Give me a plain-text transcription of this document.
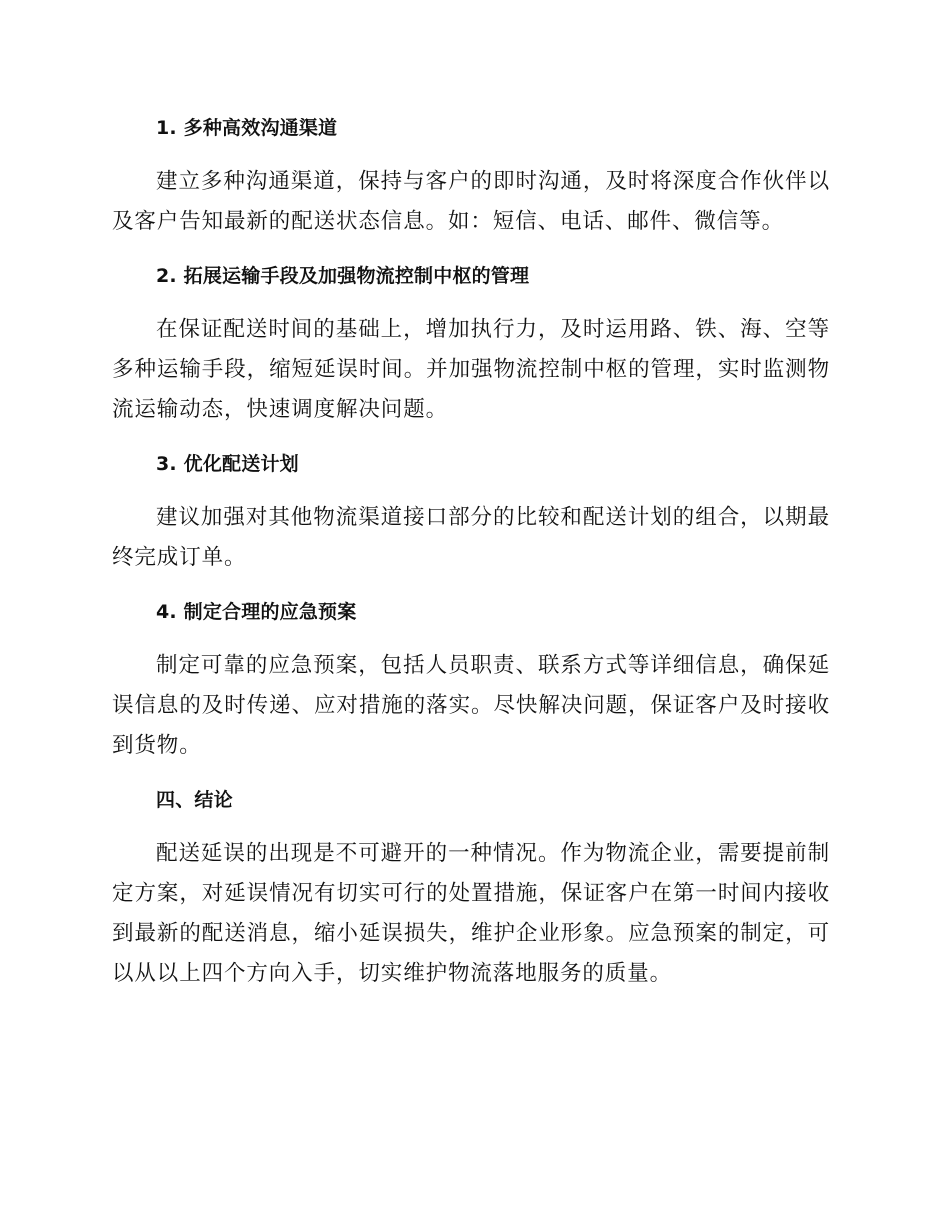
1. 多种高效沟通渠道

建立多种沟通渠道，保持与客户的即时沟通，及时将深度合作伙伴以及客户告知最新的配送状态信息。如：短信、电话、邮件、微信等。

2. 拓展运输手段及加强物流控制中枢的管理

在保证配送时间的基础上，增加执行力，及时运用路、铁、海、空等多种运输手段，缩短延误时间。并加强物流控制中枢的管理，实时监测物流运输动态，快速调度解决问题。

3. 优化配送计划

建议加强对其他物流渠道接口部分的比较和配送计划的组合，以期最终完成订单。

4. 制定合理的应急预案

制定可靠的应急预案，包括人员职责、联系方式等详细信息，确保延误信息的及时传递、应对措施的落实。尽快解决问题，保证客户及时接收到货物。

四、结论

配送延误的出现是不可避开的一种情况。作为物流企业，需要提前制定方案，对延误情况有切实可行的处置措施，保证客户在第一时间内接收到最新的配送消息，缩小延误损失，维护企业形象。应急预案的制定，可以从以上四个方向入手，切实维护物流落地服务的质量。
